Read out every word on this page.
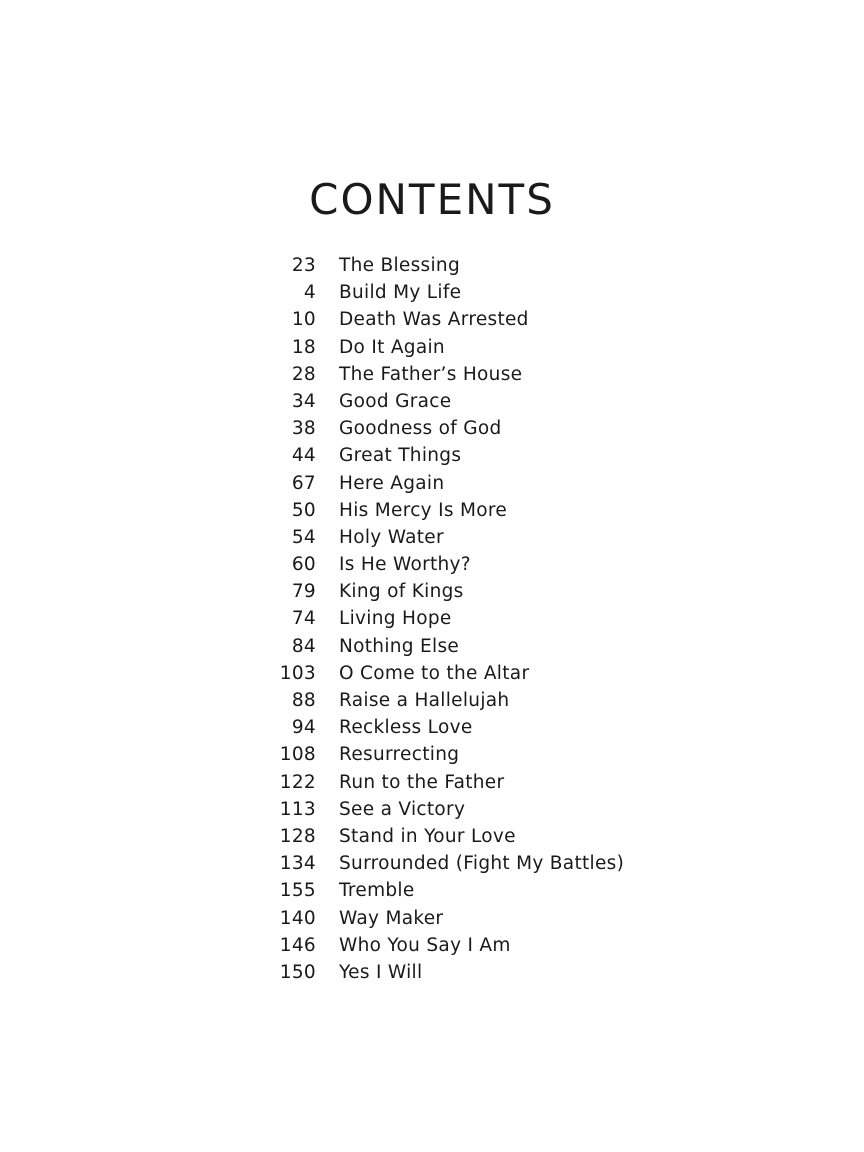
CONTENTS
23 The Blessing
4 Build My Life
10 Death Was Arrested
18 Do It Again
28 The Father’s House
34 Good Grace
38 Goodness of God
44 Great Things
67 Here Again
50 His Mercy Is More
54 Holy Water
60 Is He Worthy?
79 King of Kings
74 Living Hope
84 Nothing Else
103 O Come to the Altar
88 Raise a Hallelujah
94 Reckless Love
108 Resurrecting
122 Run to the Father
113 See a Victory
128 Stand in Your Love
134 Surrounded (Fight My Battles)
155 Tremble
140 Way Maker
146 Who You Say I Am
150 Yes I Will
